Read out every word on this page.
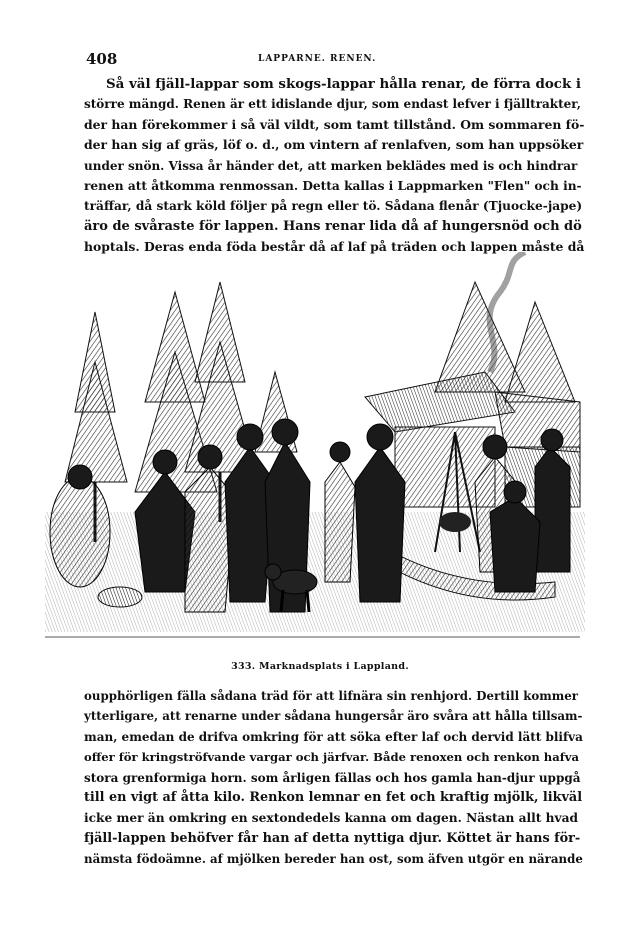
408	LAPPARNE. RENEN.
Så väl fjäll-lappar som skogs-lappar hålla renar, de förra dock i
större mängd. Renen är ett idislande djur, som endast lefver i fjälltrakter,
der han förekommer i så väl vildt, som tamt tillstånd. Om sommaren fö-
der han sig af gräs, löf o. d., om vintern af renlafven, som han uppsöker
under snön. Vissa år händer det, att marken beklädes med is och hindrar
renen att åtkomma renmossan. Detta kallas i Lappmarken "Flen" och in-
träffar, då stark köld följer på regn eller tö. Sådana flenår (Tjuocke-jape)
äro de svåraste för lappen. Hans renar lida då af hungersnöd och dö
hoptals. Deras enda föda består då af laf på träden och lappen måste då
333. Marknadsplats i Lappland.
oupphörligen fälla sådana träd för att lifnära sin renhjord. Dertill kommer
ytterligare, att renarne under sådana hungersår äro svåra att hålla tillsam-
man, emedan de drifva omkring för att söka efter laf och dervid lätt blifva
offer för kringströfvande vargar och järfvar. Både renoxen och renkon hafva
stora grenformiga horn. som årligen fällas och hos gamla han-djur uppgå
till en vigt af åtta kilo. Renkon lemnar en fet och kraftig mjölk, likväl
icke mer än omkring en sextondedels kanna om dagen. Nästan allt hvad
fjäll-lappen behöfver får han af detta nyttiga djur. Köttet är hans för-
nämsta födoämne. af mjölken bereder han ost, som äfven utgör en närande
